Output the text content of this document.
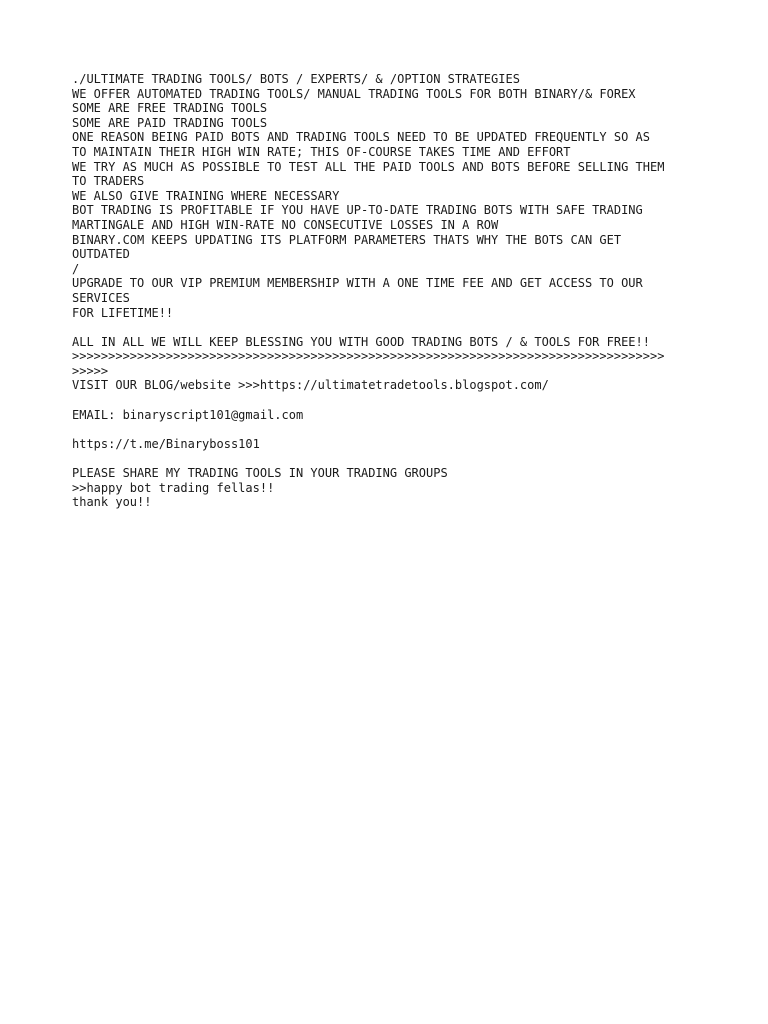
./ULTIMATE TRADING TOOLS/ BOTS / EXPERTS/ & /OPTION STRATEGIES
WE OFFER AUTOMATED TRADING TOOLS/ MANUAL TRADING TOOLS FOR BOTH BINARY/& FOREX
SOME ARE FREE TRADING TOOLS
SOME ARE PAID TRADING TOOLS
ONE REASON BEING PAID BOTS AND TRADING TOOLS NEED TO BE UPDATED FREQUENTLY SO AS
TO MAINTAIN THEIR HIGH WIN RATE; THIS OF-COURSE TAKES TIME AND EFFORT
WE TRY AS MUCH AS POSSIBLE TO TEST ALL THE PAID TOOLS AND BOTS BEFORE SELLING THEM
TO TRADERS
WE ALSO GIVE TRAINING WHERE NECESSARY
BOT TRADING IS PROFITABLE IF YOU HAVE UP-TO-DATE TRADING BOTS WITH SAFE TRADING
MARTINGALE AND HIGH WIN-RATE NO CONSECUTIVE LOSSES IN A ROW
BINARY.COM KEEPS UPDATING ITS PLATFORM PARAMETERS THATS WHY THE BOTS CAN GET
OUTDATED
/
UPGRADE TO OUR VIP PREMIUM MEMBERSHIP WITH A ONE TIME FEE AND GET ACCESS TO OUR
SERVICES
FOR LIFETIME!!
ALL IN ALL WE WILL KEEP BLESSING YOU WITH GOOD TRADING BOTS / & TOOLS FOR FREE!!
>>>>>>>>>>>>>>>>>>>>>>>>>>>>>>>>>>>>>>>>>>>>>>>>>>>>>>>>>>>>>>>>>>>>>>>>>>>>>>>>>>
>>>>>
VISIT OUR BLOG/website >>>https://ultimatetradetools.blogspot.com/
EMAIL: binaryscript101@gmail.com
https://t.me/Binaryboss101
PLEASE SHARE MY TRADING TOOLS IN YOUR TRADING GROUPS
>>happy bot trading fellas!!
thank you!!
